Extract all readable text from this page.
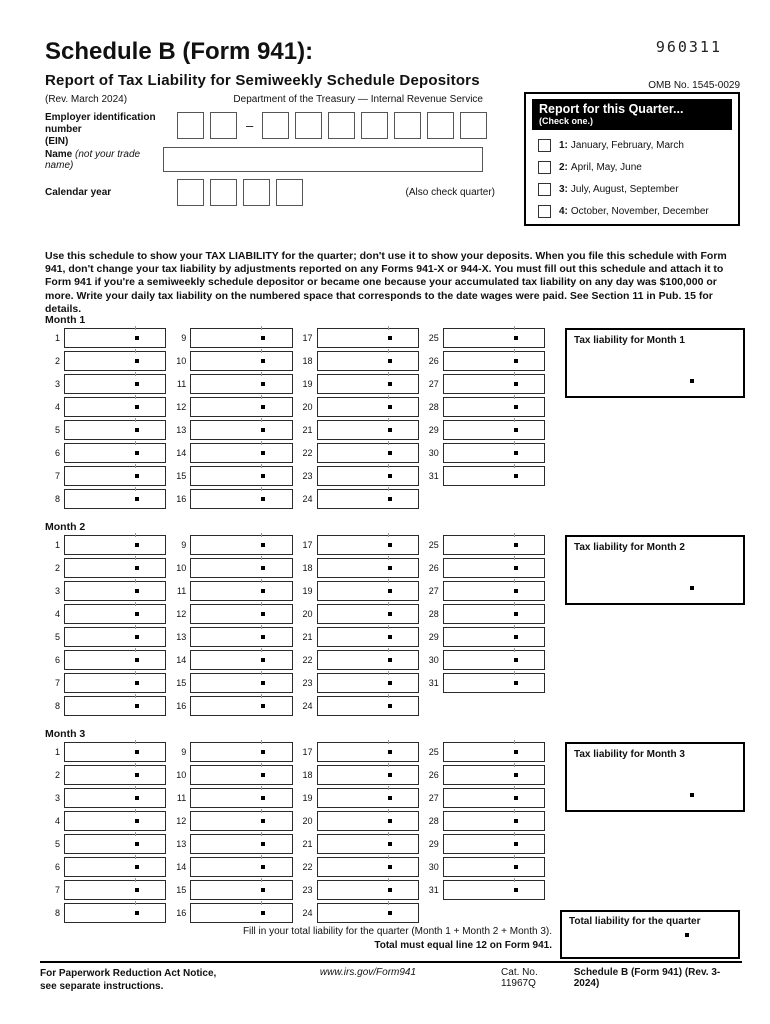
960311
Schedule B (Form 941):
Report of Tax Liability for Semiweekly Schedule Depositors
(Rev. March 2024)	Department of the Treasury — Internal Revenue Service
OMB No. 1545-0029
Report for this Quarter...
(Check one.)
1: January, February, March
2: April, May, June
3: July, August, September
4: October, November, December
Employer identification number
(EIN)
–
Name (not your trade name)
Calendar year	(Also check quarter)
Use this schedule to show your TAX LIABILITY for the quarter; don't use it to show your deposits. When you file this schedule with Form 941, don't change your tax liability by adjustments reported on any Forms 941-X or 944-X. You must fill out this schedule and attach it to Form 941 if you're a semiweekly schedule depositor or became one because your accumulated tax liability on any day was $100,000 or more. Write your daily tax liability on the numbered space that corresponds to the date wages were paid. See Section 11 in Pub. 15 for details.
Month 1
1
2
3
4
5
6
7
8
9
10
11
12
13
14
15
16
17
18
19
20
21
22
23
24
25
26
27
28
29
30
31
Tax liability for Month 1
Month 2
1
2
3
4
5
6
7
8
9
10
11
12
13
14
15
16
17
18
19
20
21
22
23
24
25
26
27
28
29
30
31
Tax liability for Month 2
Month 3
1
2
3
4
5
6
7
8
9
10
11
12
13
14
15
16
17
18
19
20
21
22
23
24
25
26
27
28
29
30
31
Tax liability for Month 3
Fill in your total liability for the quarter (Month 1 + Month 2 + Month 3).
Total must equal line 12 on Form 941.
Total liability for the quarter
For Paperwork Reduction Act Notice,
see separate instructions.
www.irs.gov/Form941	Cat. No. 11967Q
Schedule B (Form 941) (Rev. 3-2024)
